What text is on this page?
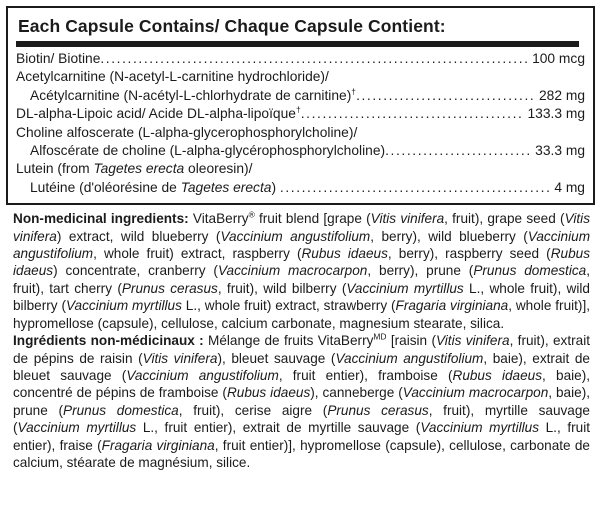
Each Capsule Contains/ Chaque Capsule Contient:
Biotin/ Biotine .....	100 mcg
Acetylcarnitine (N-acetyl-L-carnitine hydrochloride)/
Acétylcarnitine (N-acétyl-L-chlorhydrate de carnitine)† .....	282 mg
DL-alpha-Lipoic acid/ Acide DL-alpha-lipoïque† .....	133.3 mg
Choline alfoscerate (L-alpha-glycerophosphorylcholine)/
Alfoscérate de choline (L-alpha-glycérophosphorylcholine) .....	33.3 mg
Lutein (from Tagetes erecta oleoresin)/
Lutéine (d'oléorésine de Tagetes erecta) .....	4 mg

Non-medicinal ingredients: VitaBerry® fruit blend [grape (Vitis vinifera, fruit), grape seed (Vitis vinifera) extract, wild blueberry (Vaccinium angustifolium, berry), wild blueberry (Vaccinium angustifolium, whole fruit) extract, raspberry (Rubus idaeus, berry), raspberry seed (Rubus idaeus) concentrate, cranberry (Vaccinium macrocarpon, berry), prune (Prunus domestica, fruit), tart cherry (Prunus cerasus, fruit), wild bilberry (Vaccinium myrtillus L., whole fruit), wild bilberry (Vaccinium myrtillus L., whole fruit) extract, strawberry (Fragaria virginiana, whole fruit)], hypromellose (capsule), cellulose, calcium carbonate, magnesium stearate, silica.

Ingrédients non-médicinaux : Mélange de fruits VitaBerry$^{MD}$ [raisin (Vitis vinifera, fruit), extrait de pépins de raisin (Vitis vinifera), bleuet sauvage (Vaccinium angustifolium, baie), extrait de bleuet sauvage (Vaccinium angustifolium, fruit entier), framboise (Rubus idaeus, baie), concentré de pépins de framboise (Rubus idaeus), canneberge (Vaccinium macrocarpon, baie), prune (Prunus domestica, fruit), cerise aigre (Prunus cerasus, fruit), myrtille sauvage (Vaccinium myrtillus L., fruit entier), extrait de myrtille sauvage (Vaccinium myrtillus L., fruit entier), fraise (Fragaria virginiana, fruit entier)], hypromellose (capsule), cellulose, carbonate de calcium, stéarate de magnésium, silice.
